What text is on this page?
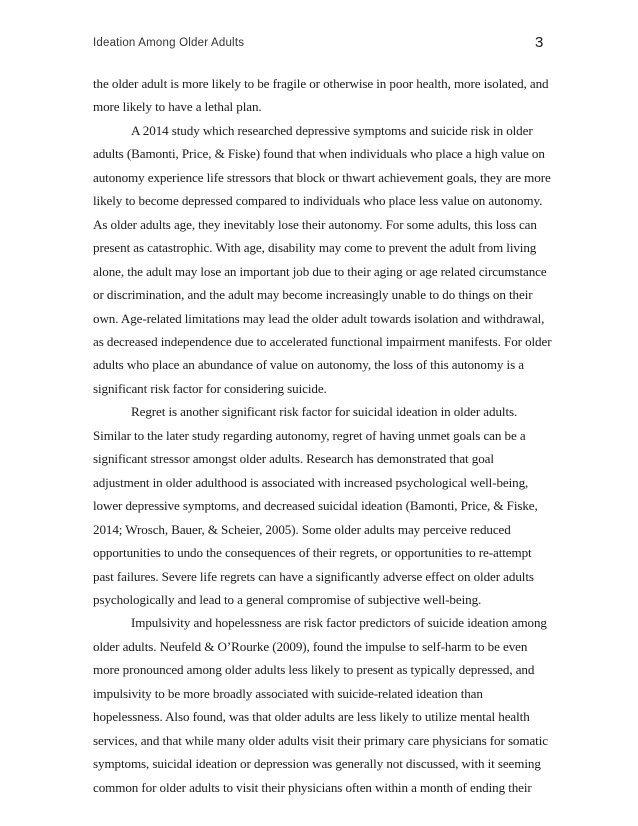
Ideation Among Older Adults	3
the older adult is more likely to be fragile or otherwise in poor health, more isolated, and
more likely to have a lethal plan.
A 2014 study which researched depressive symptoms and suicide risk in older
adults (Bamonti, Price, & Fiske) found that when individuals who place a high value on
autonomy experience life stressors that block or thwart achievement goals, they are more
likely to become depressed compared to individuals who place less value on autonomy.
As older adults age, they inevitably lose their autonomy. For some adults, this loss can
present as catastrophic. With age, disability may come to prevent the adult from living
alone, the adult may lose an important job due to their aging or age related circumstance
or discrimination, and the adult may become increasingly unable to do things on their
own. Age-related limitations may lead the older adult towards isolation and withdrawal,
as decreased independence due to accelerated functional impairment manifests. For older
adults who place an abundance of value on autonomy, the loss of this autonomy is a
significant risk factor for considering suicide.
Regret is another significant risk factor for suicidal ideation in older adults.
Similar to the later study regarding autonomy, regret of having unmet goals can be a
significant stressor amongst older adults. Research has demonstrated that goal
adjustment in older adulthood is associated with increased psychological well-being,
lower depressive symptoms, and decreased suicidal ideation (Bamonti, Price, & Fiske,
2014; Wrosch, Bauer, & Scheier, 2005). Some older adults may perceive reduced
opportunities to undo the consequences of their regrets, or opportunities to re-attempt
past failures. Severe life regrets can have a significantly adverse effect on older adults
psychologically and lead to a general compromise of subjective well-being.
Impulsivity and hopelessness are risk factor predictors of suicide ideation among
older adults. Neufeld & O’Rourke (2009), found the impulse to self-harm to be even
more pronounced among older adults less likely to present as typically depressed, and
impulsivity to be more broadly associated with suicide-related ideation than
hopelessness. Also found, was that older adults are less likely to utilize mental health
services, and that while many older adults visit their primary care physicians for somatic
symptoms, suicidal ideation or depression was generally not discussed, with it seeming
common for older adults to visit their physicians often within a month of ending their
